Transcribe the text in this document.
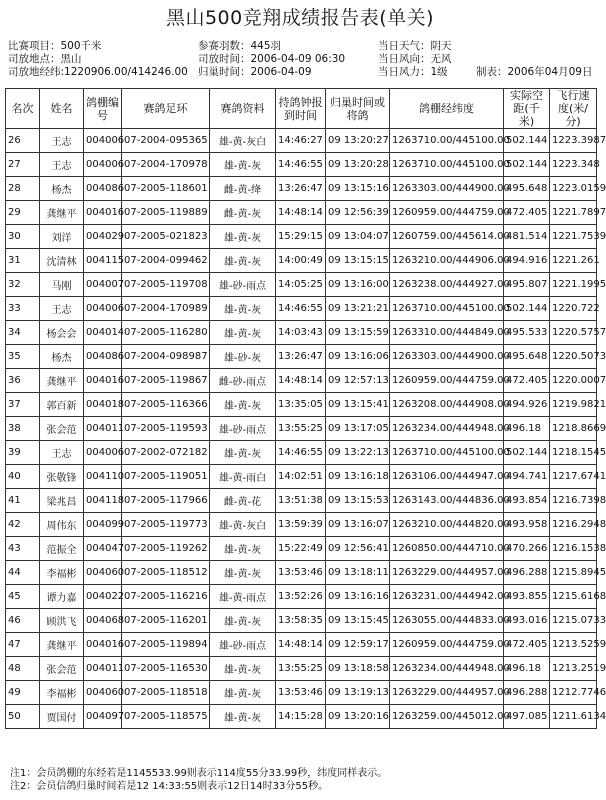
黑山500竞翔成绩报告表(单关)
比赛项目：500千米	参赛羽数：445羽	当日天气：阴天
司放地点：黑山	司放时间：2006-04-09 06:30	当日风向：无风
司放地经纬:1220906.00/414246.00 归巢时间：2006-04-09	当日风力：1级	制表：2006年04月09日
名次	姓名	鸽棚编号	赛鸽足环	赛鸽资料	持鸽钟报到时间	归巢时间或将鸽	鸽棚经纬度	实际空距(千米)	飞行速度(米/分)
26	王志	004006	07-2004-095365	雄-黄-灰白	14:46:27	09 13:20:27	1263710.00/445100.00	502.144	1223.3987
27	王志	004006	07-2004-170978	雄-黄-灰	14:46:55	09 13:20:28	1263710.00/445100.00	502.144	1223.348
28	杨杰	004086	07-2005-118601	雌-黄-绛	13:26:47	09 13:15:16	1263303.00/444900.00	495.648	1223.0159
29	龚继平	004016	07-2005-119889	雌-黄-灰	14:48:14	09 12:56:39	1260959.00/444759.00	472.405	1221.7897
30	刘洋	004029	07-2005-021823	雄-黄-灰	15:29:15	09 13:04:07	1260759.00/445614.00	481.514	1221.7539
31	沈清林	004115	07-2004-099462	雄-黄-灰	14:00:49	09 13:15:15	1263210.00/444906.00	494.916	1221.261
32	马刚	004007	07-2005-119708	雄-砂-雨点	14:05:25	09 13:16:00	1263238.00/444927.00	495.807	1221.1995
33	王志	004006	07-2004-170989	雄-黄-灰	14:46:55	09 13:21:21	1263710.00/445100.00	502.144	1220.722
34	杨会会	004014	07-2005-116280	雄-黄-灰	14:03:43	09 13:15:59	1263310.00/444849.00	495.533	1220.5757
35	杨杰	004086	07-2004-098987	雄-砂-灰	13:26:47	09 13:16:06	1263303.00/444900.00	495.648	1220.5073
36	龚继平	004016	07-2005-119867	雌-砂-雨点	14:48:14	09 12:57:13	1260959.00/444759.00	472.405	1220.0007
37	郭百新	004018	07-2005-116366	雄-黄-灰	13:35:05	09 13:15:41	1263208.00/444908.00	494.926	1219.9821
38	张会范	004011	07-2005-119593	雄-砂-雨点	13:55:25	09 13:17:05	1263234.00/444948.00	496.18	1218.8669
39	王志	004006	07-2002-072182	雄-黄-灰	14:46:55	09 13:22:13	1263710.00/445100.00	502.144	1218.1545
40	张敬锋	004110	07-2005-119051	雄-黄-雨白	14:02:51	09 13:16:18	1263106.00/444947.00	494.741	1217.6741
41	梁兆昌	004118	07-2005-117966	雌-黄-花	13:51:38	09 13:15:53	1263143.00/444836.00	493.854	1216.7398
42	周伟东	004099	07-2005-119773	雄-黄-灰白	13:59:39	09 13:16:07	1263210.00/444820.00	493.958	1216.2948
43	范振全	004047	07-2005-119262	雄-黄-灰	15:22:49	09 12:56:41	1260850.00/444710.00	470.266	1216.1538
44	李福彬	004060	07-2005-118512	雄-黄-灰	13:53:46	09 13:18:11	1263229.00/444957.00	496.288	1215.8945
45	谭力嘉	004022	07-2005-116216	雄-黄-雨点	13:52:26	09 13:16:16	1263231.00/444942.00	493.855	1215.6168
46	顾洪飞	004068	07-2005-116201	雄-黄-灰	13:58:35	09 13:15:45	1263055.00/444833.00	493.016	1215.0733
47	龚继平	004016	07-2005-119894	雄-砂-雨点	14:48:14	09 12:59:17	1260959.00/444759.00	472.405	1213.5259
48	张会范	004011	07-2005-116530	雄-黄-灰	13:55:25	09 13:18:58	1263234.00/444948.00	496.18	1213.2519
49	李福彬	004060	07-2005-118518	雄-黄-灰	13:53:46	09 13:19:13	1263229.00/444957.00	496.288	1212.7746
50	贾国付	004097	07-2005-118575	雄-黄-灰	14:15:28	09 13:20:16	1263259.00/445012.00	497.085	1211.6134
注1：会员鸽棚的东经若是1145533.99则表示114度55分33.99秒，纬度同样表示。
注2：会员信鸽归巢时间若是12 14:33:55则表示12日14时33分55秒。
